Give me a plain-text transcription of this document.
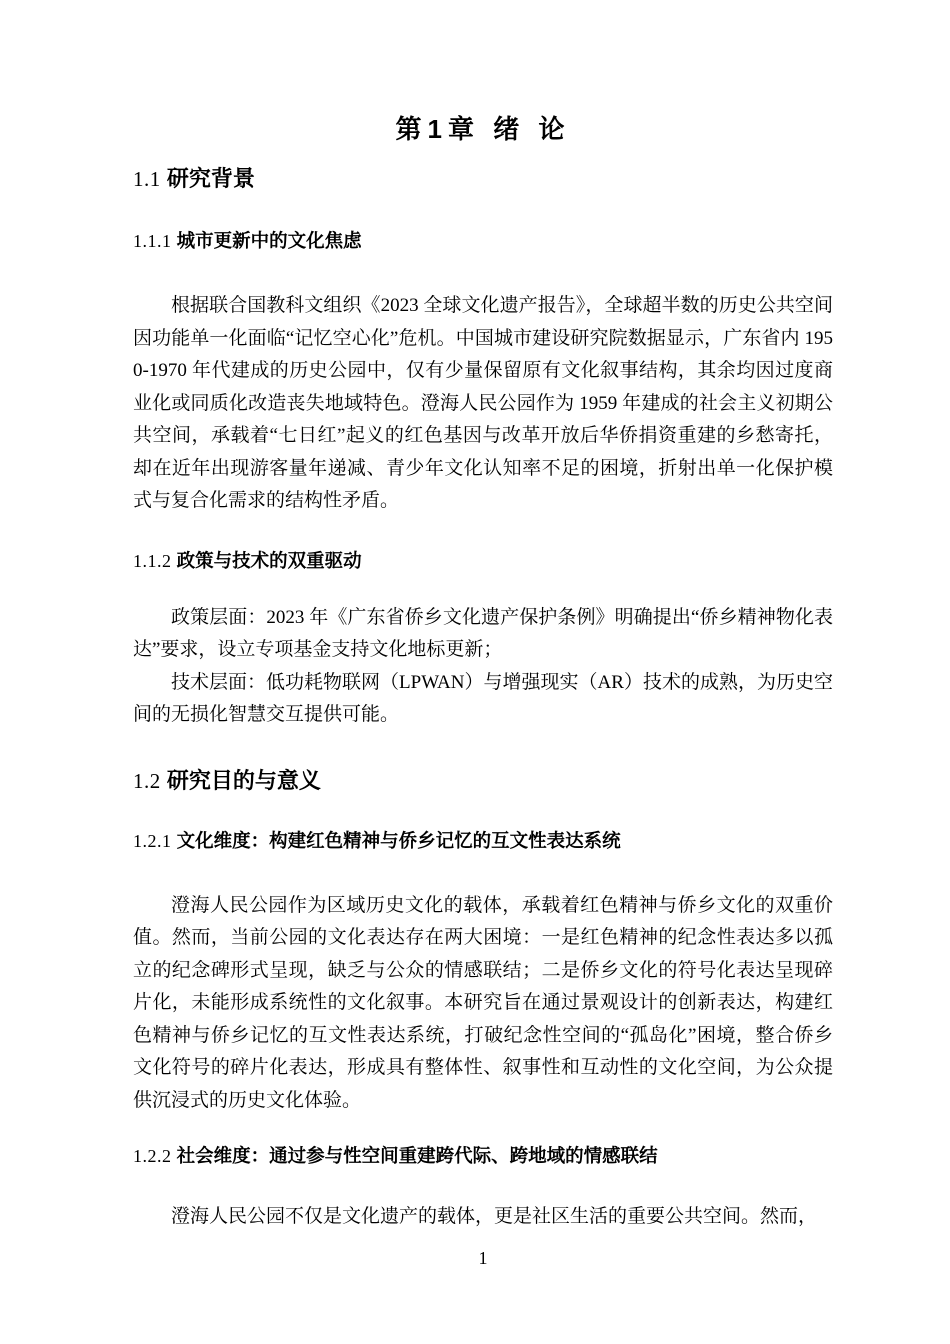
第1章 绪 论
1.1 研究背景
1.1.1 城市更新中的文化焦虑

根据联合国教科文组织《2023 全球文化遗产报告》，全球超半数的历史公共空间因功能单一化面临“记忆空心化”危机。中国城市建设研究院数据显示，广东省内 1950-1970 年代建成的历史公园中，仅有少量保留原有文化叙事结构，其余均因过度商业化或同质化改造丧失地域特色。澄海人民公园作为 1959 年建成的社会主义初期公共空间，承载着“七日红”起义的红色基因与改革开放后华侨捐资重建的乡愁寄托，却在近年出现游客量年递减、青少年文化认知率不足的困境，折射出单一化保护模式与复合化需求的结构性矛盾。

1.1.2 政策与技术的双重驱动

政策层面：2023 年《广东省侨乡文化遗产保护条例》明确提出“侨乡精神物化表达”要求，设立专项基金支持文化地标更新；

技术层面：低功耗物联网（LPWAN）与增强现实（AR）技术的成熟，为历史空间的无损化智慧交互提供可能。

1.2 研究目的与意义
1.2.1 文化维度：构建红色精神与侨乡记忆的互文性表达系统

澄海人民公园作为区域历史文化的载体，承载着红色精神与侨乡文化的双重价值。然而，当前公园的文化表达存在两大困境：一是红色精神的纪念性表达多以孤立的纪念碑形式呈现，缺乏与公众的情感联结；二是侨乡文化的符号化表达呈现碎片化，未能形成系统性的文化叙事。本研究旨在通过景观设计的创新表达，构建红色精神与侨乡记忆的互文性表达系统，打破纪念性空间的“孤岛化”困境，整合侨乡文化符号的碎片化表达，形成具有整体性、叙事性和互动性的文化空间，为公众提供沉浸式的历史文化体验。

1.2.2 社会维度：通过参与性空间重建跨代际、跨地域的情感联结

澄海人民公园不仅是文化遗产的载体，更是社区生活的重要公共空间。然而，

1
